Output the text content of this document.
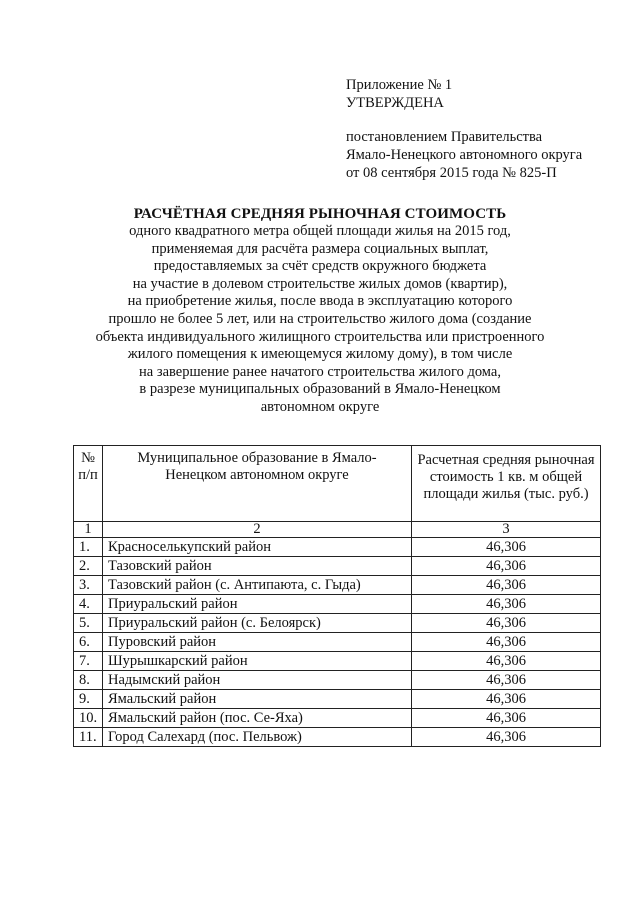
Приложение № 1
УТВЕРЖДЕНА
постановлением Правительства
Ямало-Ненецкого автономного округа
от 08 сентября 2015 года № 825-П
РАСЧЁТНАЯ СРЕДНЯЯ РЫНОЧНАЯ СТОИМОСТЬ
одного квадратного метра общей площади жилья на 2015 год,
применяемая для расчёта размера социальных выплат,
предоставляемых за счёт средств окружного бюджета
на участие в долевом строительстве жилых домов (квартир),
на приобретение жилья, после ввода в эксплуатацию которого
прошло не более 5 лет, или на строительство жилого дома (создание
объекта индивидуального жилищного строительства или пристроенного
жилого помещения к имеющемуся жилому дому), в том числе
на завершение ранее начатого строительства жилого дома,
в разрезе муниципальных образований в Ямало-Ненецком
автономном округе
№ п/п	Муниципальное образование в Ямало-Ненецком автономном округе	Расчетная средняя рыночная стоимость 1 кв. м общей площади жилья (тыс. руб.)
1	2	3
1.	Красноселькупский район	46,306
2.	Тазовский район	46,306
3.	Тазовский район (с. Антипаюта, с. Гыда)	46,306
4.	Приуральский район	46,306
5.	Приуральский район (с. Белоярск)	46,306
6.	Пуровский район	46,306
7.	Шурышкарский район	46,306
8.	Надымский район	46,306
9.	Ямальский район	46,306
10.	Ямальский район (пос. Се-Яха)	46,306
11.	Город Салехард (пос. Пельвож)	46,306
